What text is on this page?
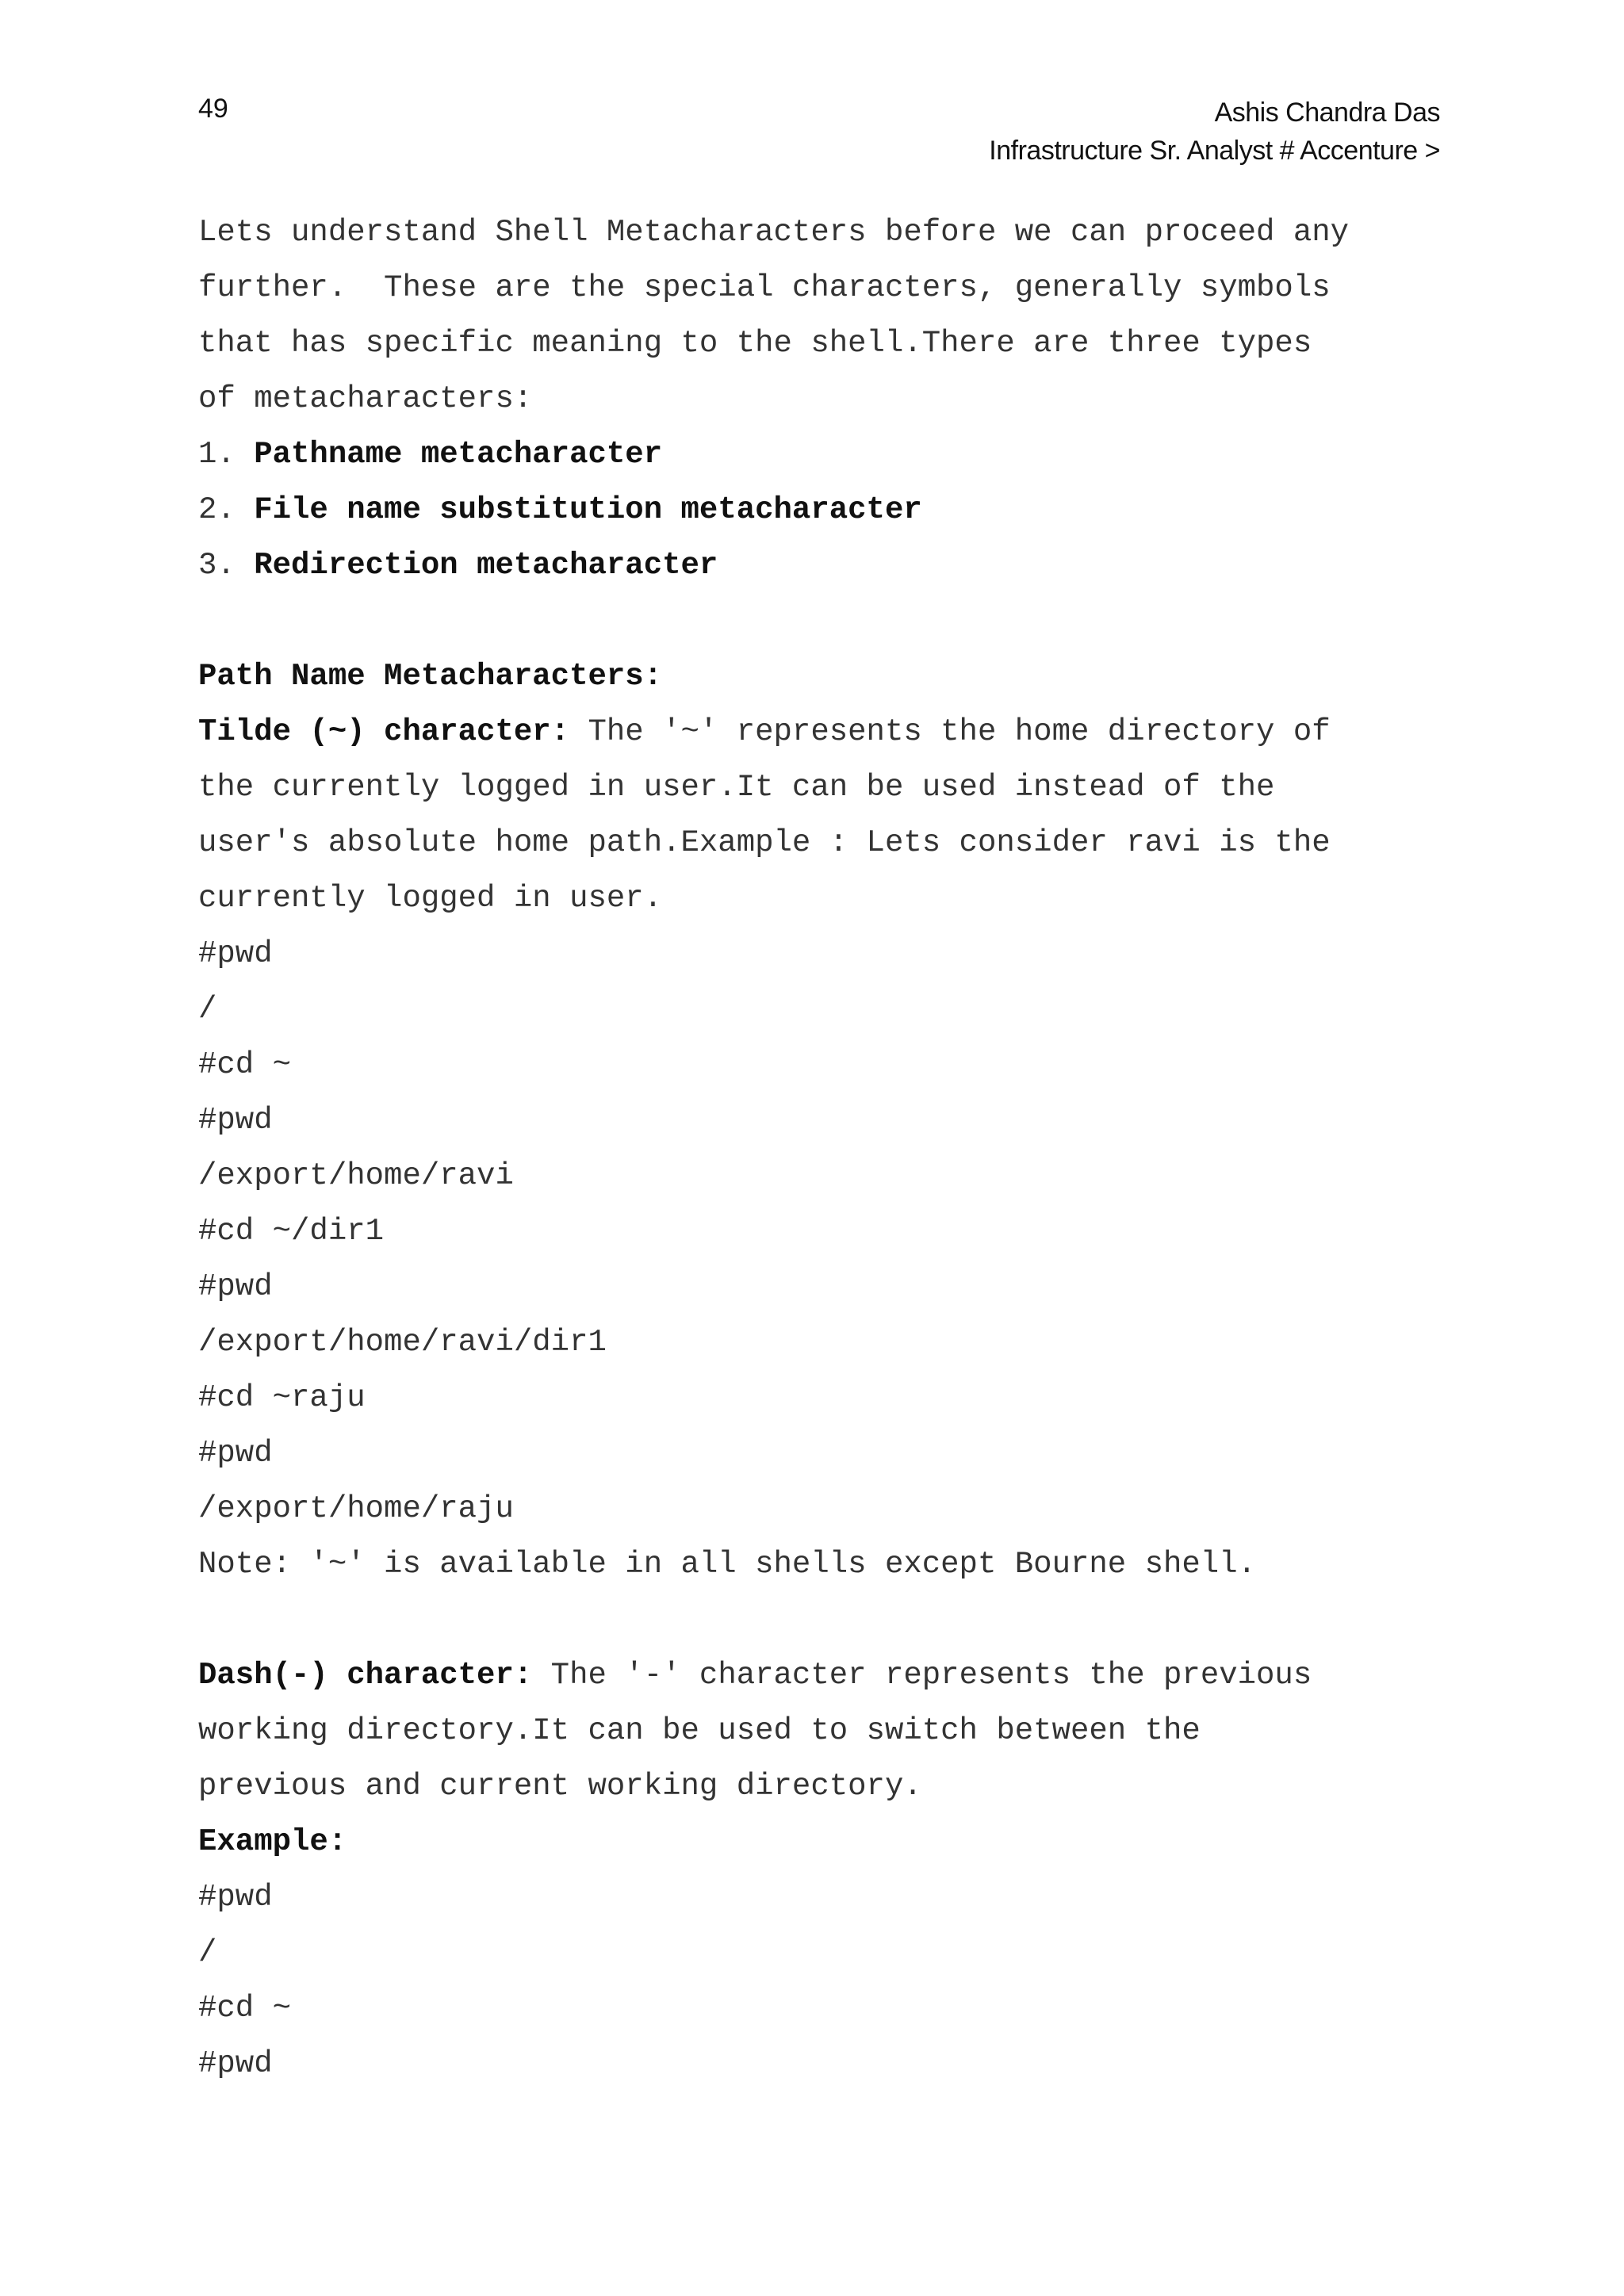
49	Ashis Chandra Das
Infrastructure Sr. Analyst # Accenture >
Lets understand Shell Metacharacters before we can proceed any
further.  These are the special characters, generally symbols
that has specific meaning to the shell.There are three types
of metacharacters:
1. Pathname metacharacter
2. File name substitution metacharacter
3. Redirection metacharacter
Path Name Metacharacters:
Tilde (~) character: The '~' represents the home directory of
the currently logged in user.It can be used instead of the
user's absolute home path.Example : Lets consider ravi is the
currently logged in user.
#pwd
/
#cd ~
#pwd
/export/home/ravi
#cd ~/dir1
#pwd
/export/home/ravi/dir1
#cd ~raju
#pwd
/export/home/raju
Note: '~' is available in all shells except Bourne shell.
Dash(-) character: The '-' character represents the previous
working directory.It can be used to switch between the
previous and current working directory.
Example:
#pwd
/
#cd ~
#pwd
